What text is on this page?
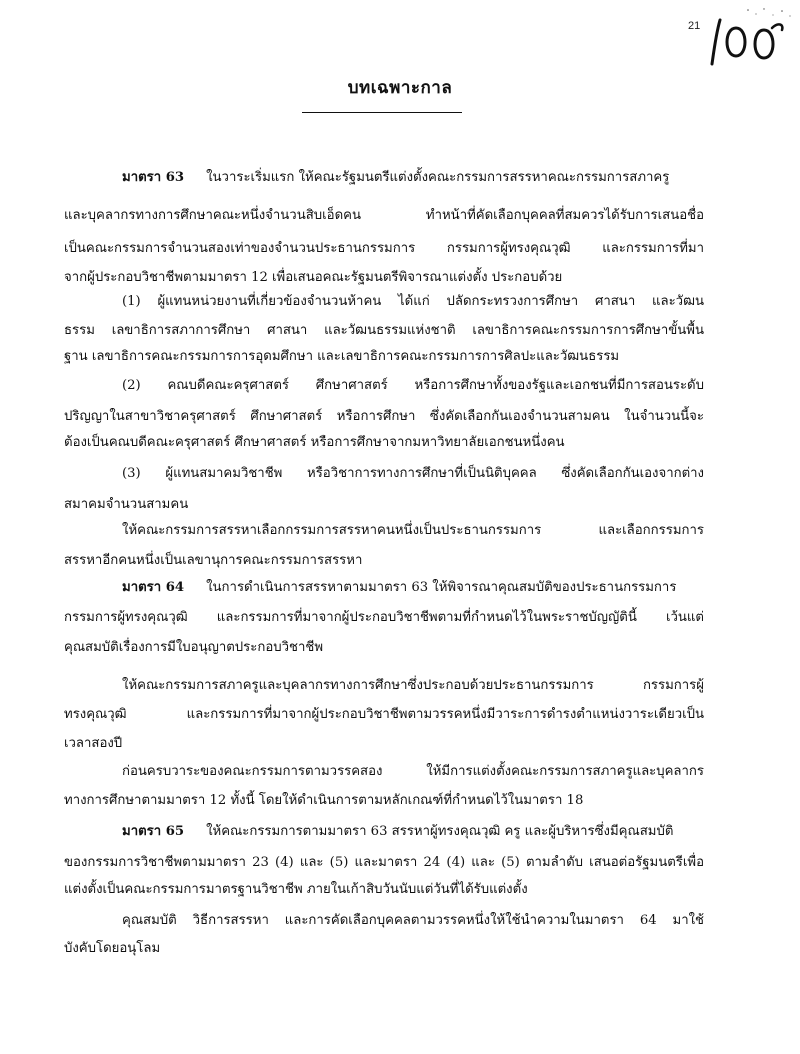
21
บทเฉพาะกาล
มาตรา 63 ในวาระเริ่มแรก ให้คณะรัฐมนตรีแต่งตั้งคณะกรรมการสรรหาคณะกรรมการสภาครู
และบุคลากรทางการศึกษาคณะหนึ่งจำนวนสิบเอ็ดคน ทำหน้าที่คัดเลือกบุคคลที่สมควรได้รับการเสนอชื่อ
เป็นคณะกรรมการจำนวนสองเท่าของจำนวนประธานกรรมการ กรรมการผู้ทรงคุณวุฒิ และกรรมการที่มา
จากผู้ประกอบวิชาชีพตามมาตรา 12 เพื่อเสนอคณะรัฐมนตรีพิจารณาแต่งตั้ง ประกอบด้วย
(1) ผู้แทนหน่วยงานที่เกี่ยวข้องจำนวนห้าคน ได้แก่ ปลัดกระทรวงการศึกษา ศาสนา และวัฒน
ธรรม เลขาธิการสภาการศึกษา ศาสนา และวัฒนธรรมแห่งชาติ เลขาธิการคณะกรรมการการศึกษาขั้นพื้น
ฐาน เลขาธิการคณะกรรมการการอุดมศึกษา และเลขาธิการคณะกรรมการการศิลปะและวัฒนธรรม
(2) คณบดีคณะครุศาสตร์ ศึกษาศาสตร์ หรือการศึกษาทั้งของรัฐและเอกชนที่มีการสอนระดับ
ปริญญาในสาขาวิชาครุศาสตร์ ศึกษาศาสตร์ หรือการศึกษา ซึ่งคัดเลือกกันเองจำนวนสามคน ในจำนวนนี้จะ
ต้องเป็นคณบดีคณะครุศาสตร์ ศึกษาศาสตร์ หรือการศึกษาจากมหาวิทยาลัยเอกชนหนึ่งคน
(3) ผู้แทนสมาคมวิชาชีพ หรือวิชาการทางการศึกษาที่เป็นนิติบุคคล ซึ่งคัดเลือกกันเองจากต่าง
สมาคมจำนวนสามคน
ให้คณะกรรมการสรรหาเลือกกรรมการสรรหาคนหนึ่งเป็นประธานกรรมการ และเลือกกรรมการ
สรรหาอีกคนหนึ่งเป็นเลขานุการคณะกรรมการสรรหา
มาตรา 64 ในการดำเนินการสรรหาตามมาตรา 63 ให้พิจารณาคุณสมบัติของประธานกรรมการ
กรรมการผู้ทรงคุณวุฒิ และกรรมการที่มาจากผู้ประกอบวิชาชีพตามที่กำหนดไว้ในพระราชบัญญัตินี้ เว้นแต่
คุณสมบัติเรื่องการมีใบอนุญาตประกอบวิชาชีพ
ให้คณะกรรมการสภาครูและบุคลากรทางการศึกษาซึ่งประกอบด้วยประธานกรรมการ กรรมการผู้
ทรงคุณวุฒิ และกรรมการที่มาจากผู้ประกอบวิชาชีพตามวรรคหนึ่งมีวาระการดำรงตำแหน่งวาระเดียวเป็น
เวลาสองปี
ก่อนครบวาระของคณะกรรมการตามวรรคสอง ให้มีการแต่งตั้งคณะกรรมการสภาครูและบุคลากร
ทางการศึกษาตามมาตรา 12 ทั้งนี้ โดยให้ดำเนินการตามหลักเกณฑ์ที่กำหนดไว้ในมาตรา 18
มาตรา 65 ให้คณะกรรมการตามมาตรา 63 สรรหาผู้ทรงคุณวุฒิ ครู และผู้บริหารซึ่งมีคุณสมบัติ
ของกรรมการวิชาชีพตามมาตรา 23 (4) และ (5) และมาตรา 24 (4) และ (5) ตามลำดับ เสนอต่อรัฐมนตรีเพื่อ
แต่งตั้งเป็นคณะกรรมการมาตรฐานวิชาชีพ ภายในเก้าสิบวันนับแต่วันที่ได้รับแต่งตั้ง
คุณสมบัติ วิธีการสรรหา และการคัดเลือกบุคคลตามวรรคหนึ่งให้ใช้นำความในมาตรา 64 มาใช้
บังคับโดยอนุโลม
